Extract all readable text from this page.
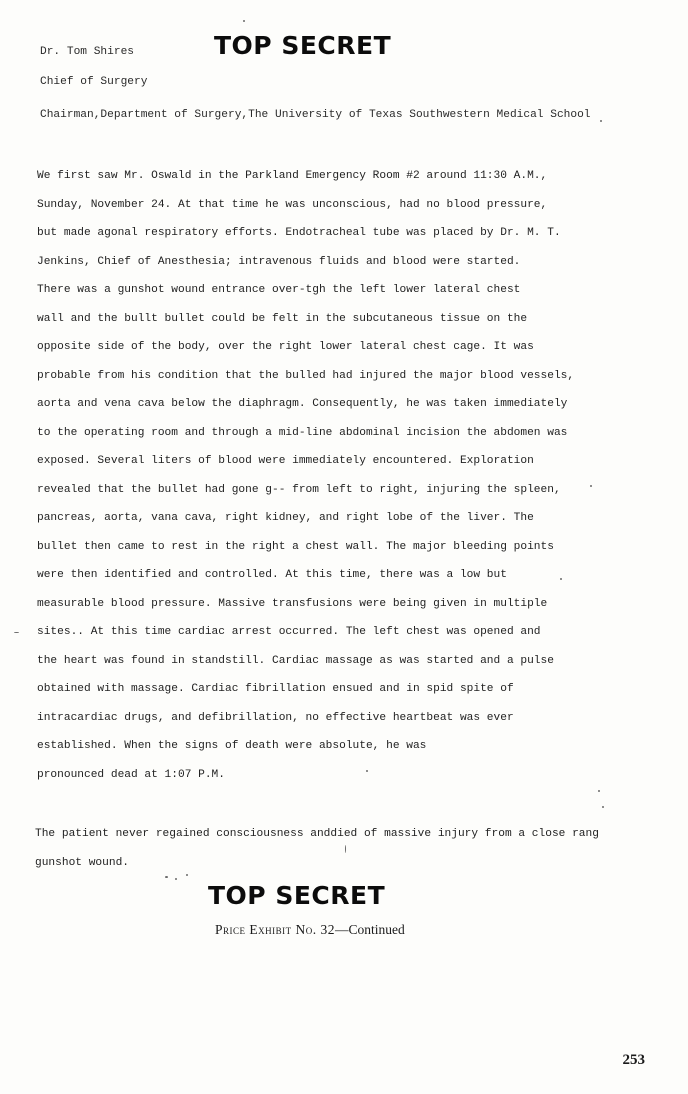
TOP SECRET
Dr. Tom Shires
Chief of Surgery
Chairman,Department of Surgery,The University of Texas Southwestern Medical School
We first saw Mr. Oswald in the Parkland Emergency Room #2 around 11:30 A.M.,
Sunday, November 24. At that time he was unconscious, had no blood pressure,
but made agonal respiratory efforts. Endotracheal tube was placed by Dr. M. T.
Jenkins, Chief of Anesthesia; intravenous fluids and blood were started.
There was a gunshot wound entrance over-tgh the left lower lateral chest
wall and the bullt bullet could be felt in the subcutaneous tissue on the
opposite side of the body, over the right lower lateral chest cage. It was
probable from his condition that the bulled had injured the major blood vessels,
aorta and vena cava below the diaphragm. Consequently, he was taken immediately
to the operating room and through a mid-line abdominal incision the abdomen was
exposed. Several liters of blood were immediately encountered. Exploration
revealed that the bullet had gone g-- from left to right, injuring the spleen,
pancreas, aorta, vana cava, right kidney, and right lobe of the liver. The
bullet then came to rest in the right a chest wall. The major bleeding points
were then identified and controlled. At this time, there was a low but
measurable blood pressure. Massive transfusions were being given in multiple
sites.. At this time cardiac arrest occurred. The left chest was opened and
the heart was found in standstill. Cardiac massage as was started and a pulse
obtained with massage. Cardiac fibrillation ensued and in spid spite of
intracardiac drugs, and defibrillation, no effective heartbeat was ever
established. When the signs of death were absolute, he was
pronounced dead at 1:07 P.M.
The patient never regained consciousness anddied of massive injury from a close rang
gunshot wound.
TOP SECRET
Price Exhibit No. 32—Continued
253
